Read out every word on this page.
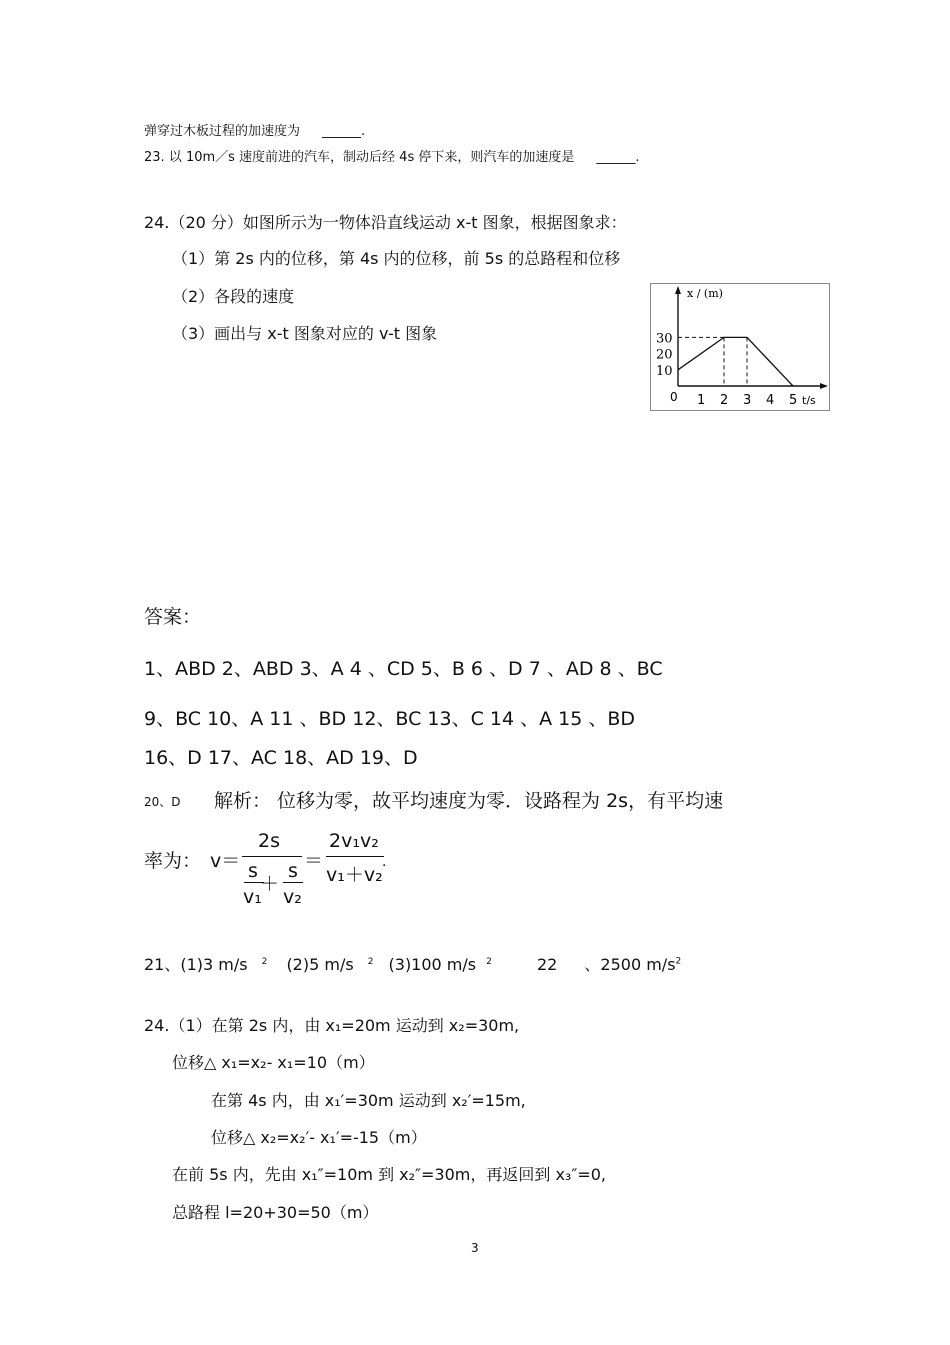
弹穿过木板过程的加速度为 ______.
23. 以 10m／s 速度前进的汽车，制动后经 4s 停下来，则汽车的加速度是 ______.
24.（20 分）如图所示为一物体沿直线运动 x-t 图象，根据图象求：
（1）第 2s 内的位移，第 4s 内的位移，前 5s 的总路程和位移
（2）各段的速度
（3）画出与 x-t 图象对应的 v-t 图象
x / (m)
t/s
0
10
20
30
1 2 3 4 5
答案：
1、ABD 2、ABD 3、A 4 、CD 5、B 6 、D 7 、AD 8 、BC
9、BC 10、A 11 、BD 12、BC 13、C 14 、A 15 、BD
16、D 17、AC 18、AD 19、D
20、D 解析： 位移为零，故平均速度为零．设路程为 2s，有平均速
率为： v＝
2s
s
v₁
＋
s
v₂
＝
2v₁v₂
v₁＋v₂
.
21、(1)3 m/s $^2$ (2)5 m/s $^2$ (3)100 m/s $^2$	22 、2500 $m/s^2$
24.（1）在第 2s 内，由 x₁=20m 运动到 x₂=30m,
位移△ x₁=x₂- x₁=10（m）
在第 4s 内，由 x₁′=30m 运动到 x₂′=15m,
位移△ x₂=x₂′- x₁′=-15（m）
在前 5s 内，先由 x₁″=10m 到 x₂″=30m，再返回到 x₃″=0,
总路程 l=20+30=50（m）
3
